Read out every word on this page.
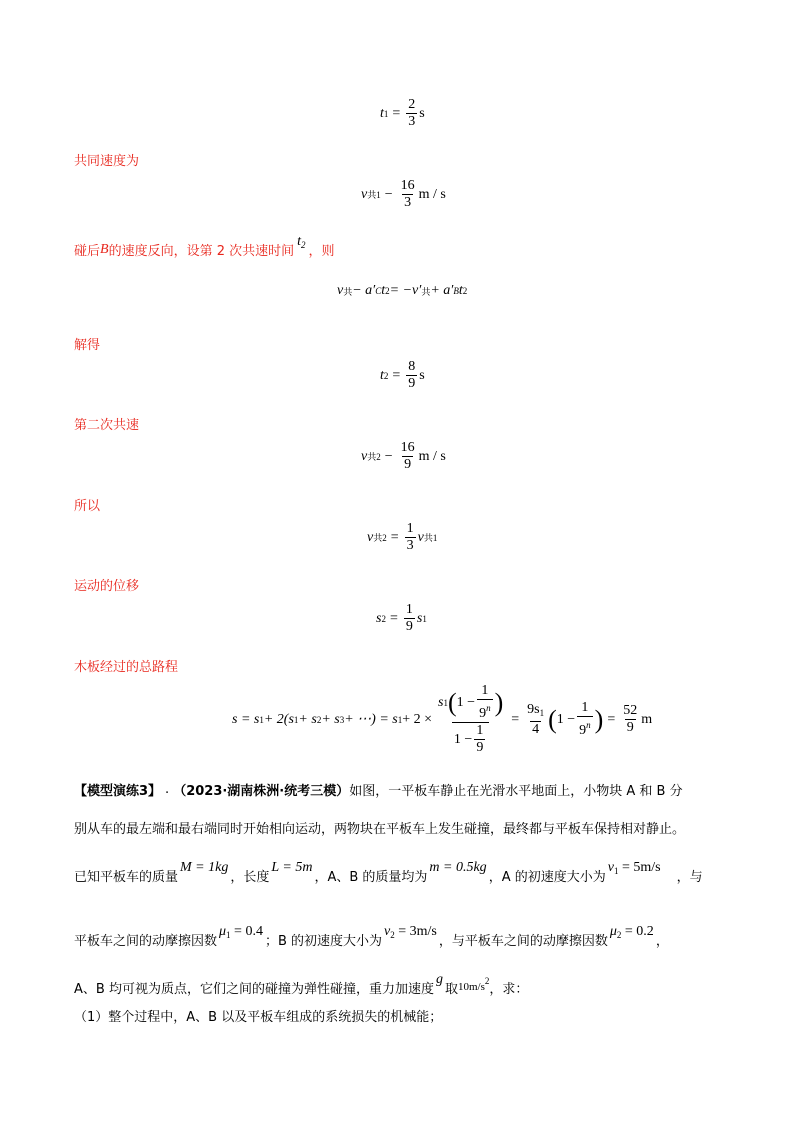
t $1 = \frac{2}{3}$ s
共同速度为
v 共$1 - \frac{16}{3}$ m / s
碰后 B 的速度反向，设第 2 次共速时间
$t_2$ ，则
v 共 − a′ C t 2 = −v′ 共 + a′ B t 2
解得
t $2 = \frac{8}{9}$ s
第二次共速
v 共$2 - \frac{16}{9}$ m / s
所以
v 共$2 = \frac{1}{3}$ v 共1
运动的位移
s $2 = \frac{1}{9}$ s 1
木板经过的总路程
s = s 1 + 2(s 1 + s 2 + s 3 + ⋯) = s 1 + 2 ×
s 1 ( $1 - \frac{1}{9^n}$ )
$1 - \frac{1}{9}$
= $\frac{9s_1}{4}$ ( $1 - \frac{1}{9^n}$ ) = $\frac{52}{9}$ m
【模型演练3】 . （2023·湖南株洲·统考三模） 如图，一平板车静止在光滑水平地面上，小物块 A 和 B 分
别从车的最左端和最右端同时开始相向运动，两物块在平板车上发生碰撞，最终都与平板车保持相对静止。
已知平板车的质量
M = 1kg
，长度
L = 5m
，A、B 的质量均为
m = 0.5kg
，A 的初速度大小为
$v_1 = 5m/s$
，与
平板车之间的动摩擦因数
$\mu_1 = 0.4$
；B 的初速度大小为
$v_2 = 3m/s$
，与平板车之间的动摩擦因数
$\mu_2 = 0.2$
，
A、B 均可视为质点，它们之间的碰撞为弹性碰撞，重力加速度
g
取 $10m/s^2$
，求：
（1）整个过程中，A、B 以及平板车组成的系统损失的机械能；
